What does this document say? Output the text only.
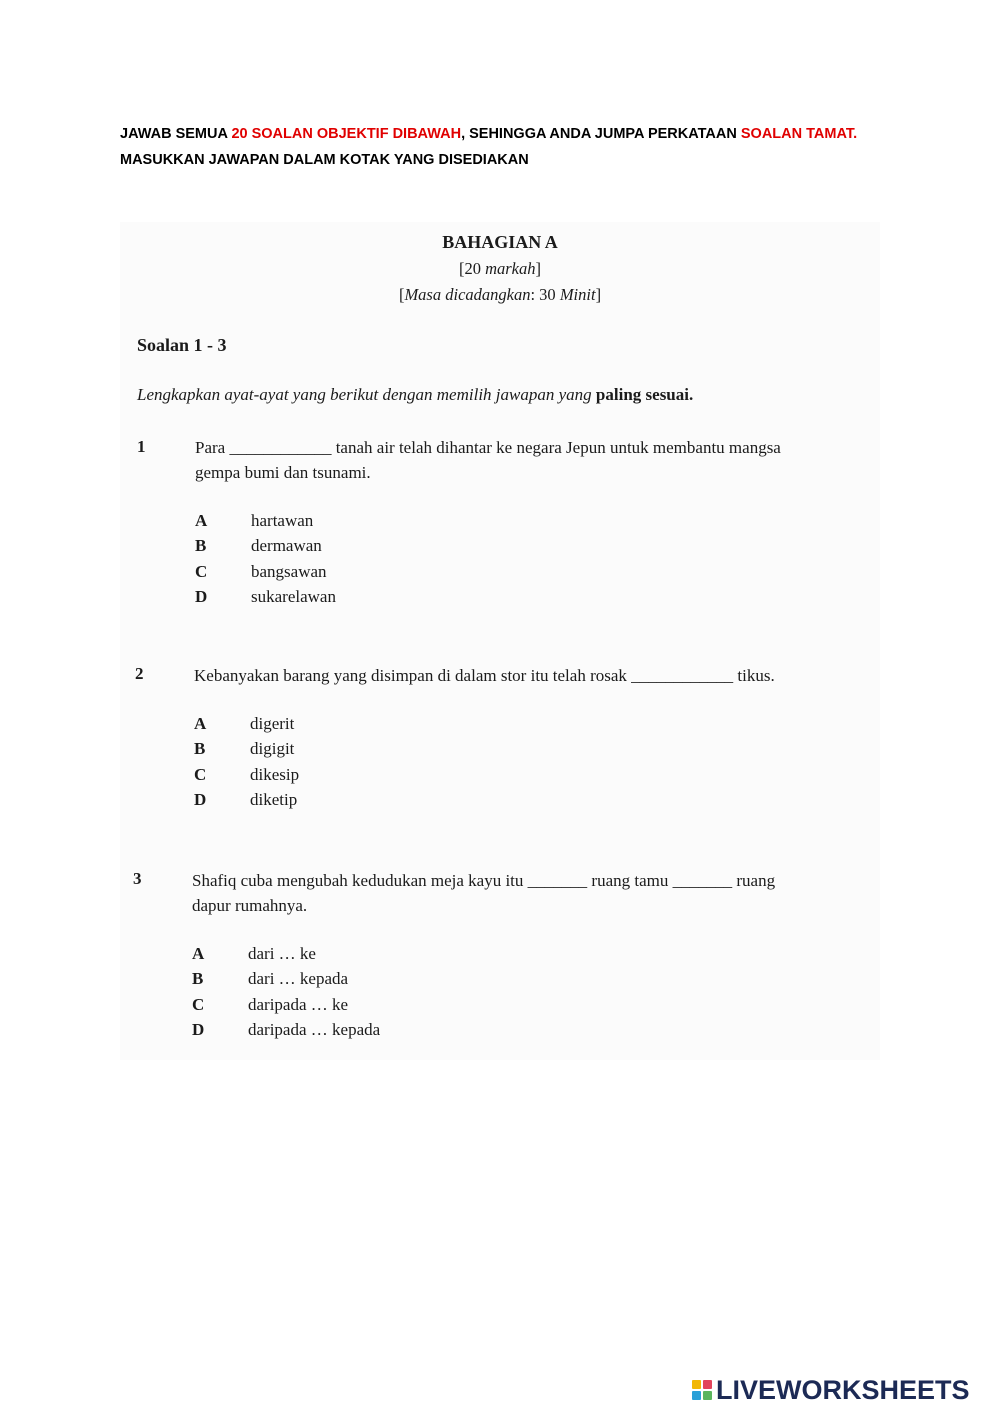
JAWAB SEMUA 20 SOALAN OBJEKTIF DIBAWAH, SEHINGGA ANDA JUMPA PERKATAAN SOALAN TAMAT. MASUKKAN JAWAPAN DALAM KOTAK YANG DISEDIAKAN
BAHAGIAN A
[20 markah]
[Masa dicadangkan: 30 Minit]
Soalan 1 - 3
Lengkapkan ayat-ayat yang berikut dengan memilih jawapan yang paling sesuai.
1	Para ____________ tanah air telah dihantar ke negara Jepun untuk membantu mangsa
gempa bumi dan tsunami.
A	hartawan
B	dermawan
C	bangsawan
D	sukarelawan
2	Kebanyakan barang yang disimpan di dalam stor itu telah rosak ____________ tikus.
A	digerit
B	digigit
C	dikesip
D	diketip
3	Shafiq cuba mengubah kedudukan meja kayu itu _______ ruang tamu _______ ruang
dapur rumahnya.
A	dari … ke
B	dari … kepada
C	daripada … ke
D	daripada … kepada
LIVEWORKSHEETS
